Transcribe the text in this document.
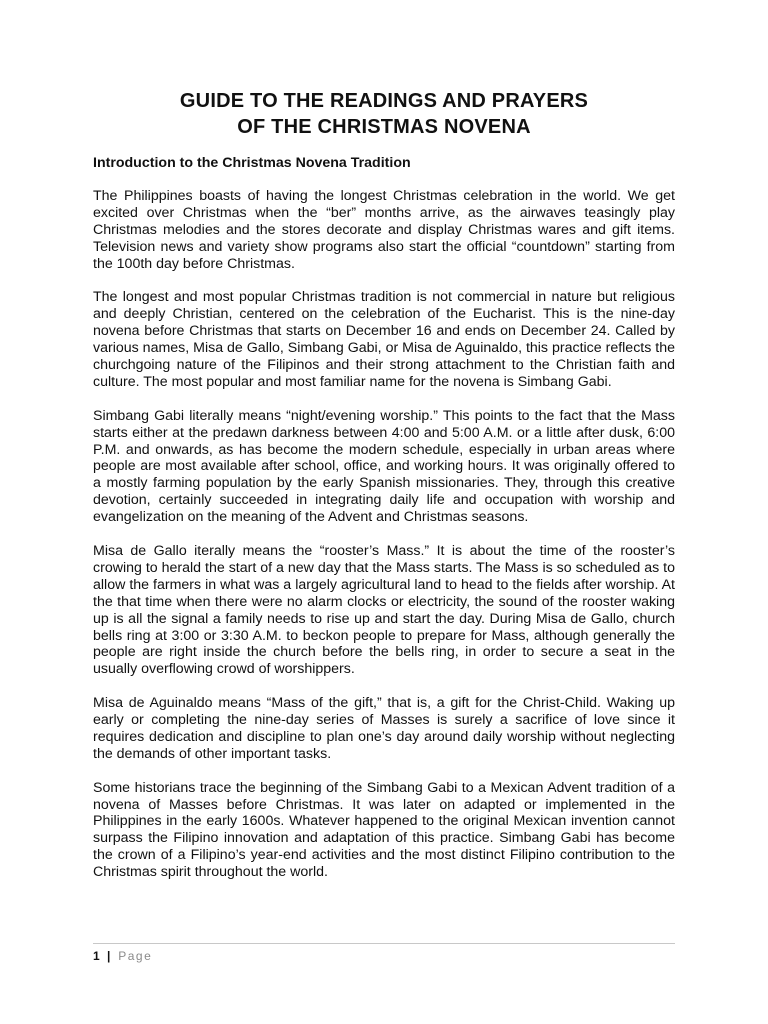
GUIDE TO THE READINGS AND PRAYERS
OF THE CHRISTMAS NOVENA
Introduction to the Christmas Novena Tradition

The Philippines boasts of having the longest Christmas celebration in the world. We get excited over Christmas when the “ber” months arrive, as the airwaves teasingly play Christmas melodies and the stores decorate and display Christmas wares and gift items. Television news and variety show programs also start the official “countdown” starting from the 100th day before Christmas.

The longest and most popular Christmas tradition is not commercial in nature but religious and deeply Christian, centered on the celebration of the Eucharist. This is the nine-day novena before Christmas that starts on December 16 and ends on December 24. Called by various names, Misa de Gallo, Simbang Gabi, or Misa de Aguinaldo, this practice reflects the churchgoing nature of the Filipinos and their strong attachment to the Christian faith and culture. The most popular and most familiar name for the novena is Simbang Gabi.

Simbang Gabi literally means “night/evening worship.” This points to the fact that the Mass starts either at the predawn darkness between 4:00 and 5:00 A.M. or a little after dusk, 6:00 P.M. and onwards, as has become the modern schedule, especially in urban areas where people are most available after school, office, and working hours. It was originally offered to a mostly farming population by the early Spanish missionaries. They, through this creative devotion, certainly succeeded in integrating daily life and occupation with worship and evangelization on the meaning of the Advent and Christmas seasons.

Misa de Gallo iterally means the “rooster’s Mass.” It is about the time of the rooster’s crowing to herald the start of a new day that the Mass starts. The Mass is so scheduled as to allow the farmers in what was a largely agricultural land to head to the fields after worship. At the that time when there were no alarm clocks or electricity, the sound of the rooster waking up is all the signal a family needs to rise up and start the day. During Misa de Gallo, church bells ring at 3:00 or 3:30 A.M. to beckon people to prepare for Mass, although generally the people are right inside the church before the bells ring, in order to secure a seat in the usually overflowing crowd of worshippers.

Misa de Aguinaldo means “Mass of the gift,” that is, a gift for the Christ-Child. Waking up early or completing the nine-day series of Masses is surely a sacrifice of love since it requires dedication and discipline to plan one’s day around daily worship without neglecting the demands of other important tasks.

Some historians trace the beginning of the Simbang Gabi to a Mexican Advent tradition of a novena of Masses before Christmas. It was later on adapted or implemented in the Philippines in the early 1600s. Whatever happened to the original Mexican invention cannot surpass the Filipino innovation and adaptation of this practice. Simbang Gabi has become the crown of a Filipino’s year-end activities and the most distinct Filipino contribution to the Christmas spirit throughout the world.

1 | Page
